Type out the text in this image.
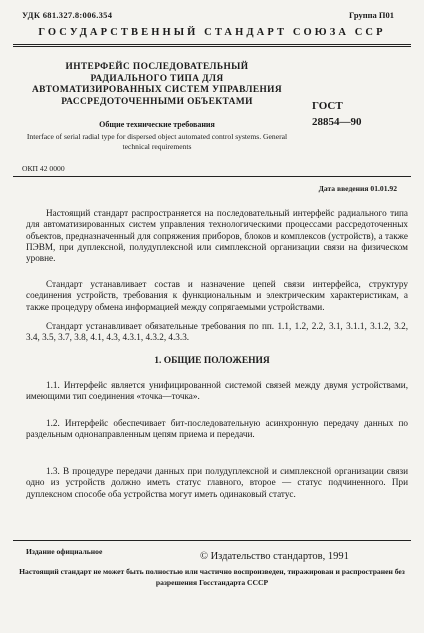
УДК 681.327.8:006.354	Группа П01
ГОСУДАРСТВЕННЫЙ СТАНДАРТ СОЮЗА ССР
ИНТЕРФЕЙС ПОСЛЕДОВАТЕЛЬНЫЙ РАДИАЛЬНОГО ТИПА ДЛЯ АВТОМАТИЗИРОВАННЫХ СИСТЕМ УПРАВЛЕНИЯ РАССРЕДОТОЧЕННЫМИ ОБЪЕКТАМИ	ГОСТ
28854—90
Общие технические требования
Interface of serial radial type for dispersed object automated control systems. General technical requirements
ОКП 42 0000
Дата введения 01.01.92
Настоящий стандарт распространяется на последовательный интерфейс радиального типа для автоматизированных систем управления технологическими процессами рассредоточенных объектов, предназначенный для сопряжения приборов, блоков и комплексов (устройств), а также ПЭВМ, при дуплексной, полудуплексной или симплексной организации связи на физическом уровне.
Стандарт устанавливает состав и назначение цепей связи интерфейса, структуру соединения устройств, требования к функциональным и электрическим характеристикам, а также процедуру обмена информацией между сопрягаемыми устройствами.
Стандарт устанавливает обязательные требования по пп. 1.1, 1.2, 2.2, 3.1, 3.1.1, 3.1.2, 3.2, 3.4, 3.5, 3.7, 3.8, 4.1, 4.3, 4.3.1, 4.3.2, 4.3.3.
1. ОБЩИЕ ПОЛОЖЕНИЯ
1.1. Интерфейс является унифицированной системой связей между двумя устройствами, имеющими тип соединения «точка—точка».
1.2. Интерфейс обеспечивает бит-последовательную асинхронную передачу данных по раздельным однонаправленным цепям приема и передачи.
1.3. В процедуре передачи данных при полудуплексной и симплексной организации связи одно из устройств должно иметь статус главного, второе — статус подчиненного. При дуплексном способе оба устройства могут иметь одинаковый статус.
Издание официальное	© Издательство стандартов, 1991
Настоящий стандарт не может быть полностью или частично воспроизведен, тиражирован и распространен без разрешения Госстандарта СССР
